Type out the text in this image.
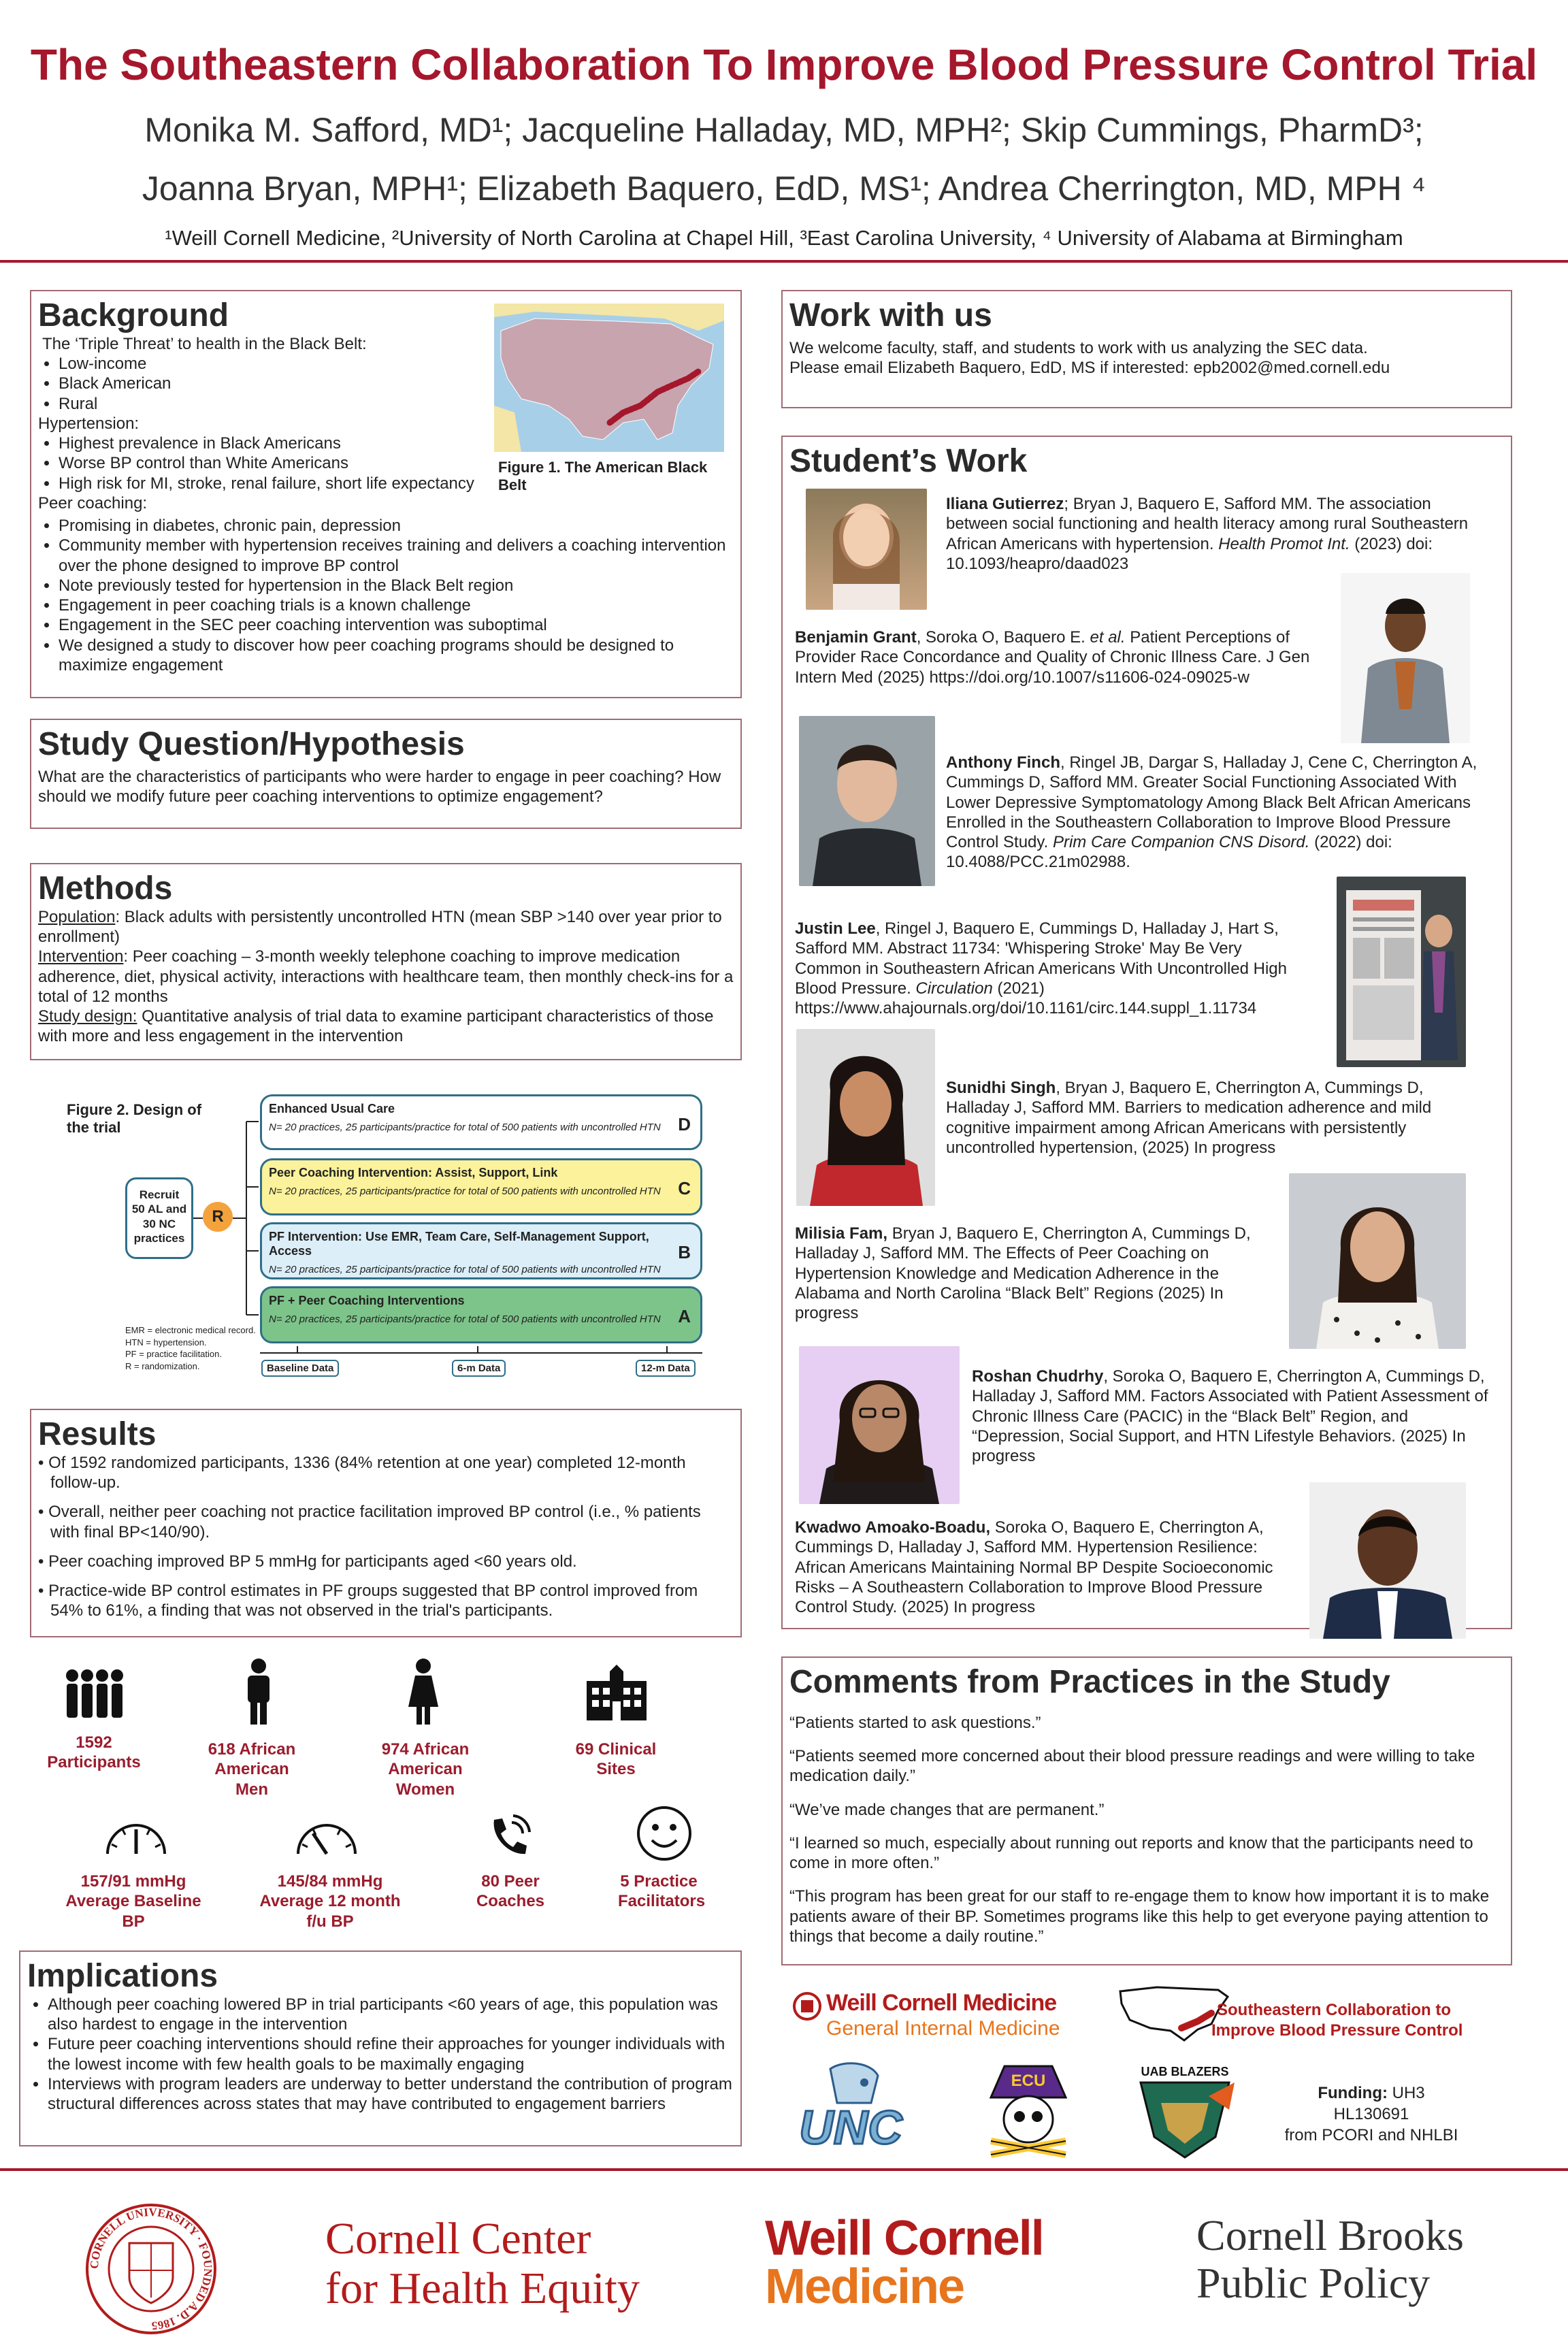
The Southeastern Collaboration To Improve Blood Pressure Control Trial
Monika M. Safford, MD¹; Jacqueline Halladay, MD, MPH²; Skip Cummings, PharmD³;
Joanna Bryan, MPH¹; Elizabeth Baquero, EdD, MS¹; Andrea Cherrington, MD, MPH ⁴
¹Weill Cornell Medicine, ²University of North Carolina at Chapel Hill, ³East Carolina University, ⁴ University of Alabama at Birmingham
Background
The ‘Triple Threat’ to health in the Black Belt:
• Low-income
• Black American
• Rural
Hypertension:
• Highest prevalence in Black Americans
• Worse BP control than White Americans
• High risk for MI, stroke, renal failure, short life expectancy
Peer coaching:
• Promising in diabetes, chronic pain, depression
• Community member with hypertension receives training and delivers a coaching intervention over the phone designed to improve BP control
• Note previously tested for hypertension in the Black Belt region
• Engagement in peer coaching trials is a known challenge
• Engagement in the SEC peer coaching intervention was suboptimal
• We designed a study to discover how peer coaching programs should be designed to maximize engagement
Figure 1. The American Black Belt
Study Question/Hypothesis
What are the characteristics of participants who were harder to engage in peer coaching? How should we modify future peer coaching interventions to optimize engagement?
Methods
Population: Black adults with persistently uncontrolled HTN (mean SBP >140 over year prior to enrollment)
Intervention: Peer coaching – 3-month weekly telephone coaching to improve medication adherence, diet, physical activity, interactions with healthcare team, then monthly check-ins for a total of 12 months
Study design: Quantitative analysis of trial data to examine participant characteristics of those with more and less engagement in the intervention
Figure 2. Design of the trial
Recruit 50 AL and 30 NC practices
R
Enhanced Usual Care
N= 20 practices, 25 participants/practice for total of 500 patients with uncontrolled HTN D
Peer Coaching Intervention: Assist, Support, Link
N= 20 practices, 25 participants/practice for total of 500 patients with uncontrolled HTN C
PF Intervention: Use EMR, Team Care, Self-Management Support, Access
N= 20 practices, 25 participants/practice for total of 500 patients with uncontrolled HTN
B
PF + Peer Coaching Interventions
N= 20 practices, 25 participants/practice for total of 500 patients with uncontrolled HTN A
EMR = electronic medical record.
HTN = hypertension.
PF = practice facilitation.
R = randomization.	Baseline Data	6-m Data	12-m Data
Results
• Of 1592 randomized participants, 1336 (84% retention at one year) completed 12-month follow-up.
• Overall, neither peer coaching not practice facilitation improved BP control (i.e., % patients with final BP<140/90).
• Peer coaching improved BP 5 mmHg for participants aged <60 years old.
• Practice-wide BP control estimates in PF groups suggested that BP control improved from 54% to 61%, a finding that was not observed in the trial's participants.
1592 Participants
618 African American Men
974 African American Women
69 Clinical Sites
157/91 mmHg Average Baseline BP
145/84 mmHg Average 12 month f/u BP
80 Peer Coaches
5 Practice Facilitators
Implications
• Although peer coaching lowered BP in trial participants <60 years of age, this population was also hardest to engage in the intervention
• Future peer coaching interventions should refine their approaches for younger individuals with the lowest income with few health goals to be maximally engaging
• Interviews with program leaders are underway to better understand the contribution of program structural differences across states that may have contributed to engagement barriers
Work with us
We welcome faculty, staff, and students to work with us analyzing the SEC data.
Please email Elizabeth Baquero, EdD, MS if interested: epb2002@med.cornell.edu
Student’s Work
Iliana Gutierrez; Bryan J, Baquero E, Safford MM. The association between social functioning and health literacy among rural Southeastern African Americans with hypertension. Health Promot Int. (2023) doi: 10.1093/heapro/daad023
Benjamin Grant, Soroka O, Baquero E. et al. Patient Perceptions of Provider Race Concordance and Quality of Chronic Illness Care. J Gen Intern Med (2025) https://doi.org/10.1007/s11606-024-09025-w
Anthony Finch, Ringel JB, Dargar S, Halladay J, Cene C, Cherrington A, Cummings D, Safford MM. Greater Social Functioning Associated With Lower Depressive Symptomatology Among Black Belt African Americans Enrolled in the Southeastern Collaboration to Improve Blood Pressure Control Study. Prim Care Companion CNS Disord. (2022) doi: 10.4088/PCC.21m02988.
Justin Lee, Ringel J, Baquero E, Cummings D, Halladay J, Hart S, Safford MM. Abstract 11734: 'Whispering Stroke' May Be Very Common in Southeastern African Americans With Uncontrolled High Blood Pressure. Circulation (2021) https://www.ahajournals.org/doi/10.1161/circ.144.suppl_1.11734
Sunidhi Singh, Bryan J, Baquero E, Cherrington A, Cummings D, Halladay J, Safford MM. Barriers to medication adherence and mild cognitive impairment among African Americans with persistently uncontrolled hypertension, (2025) In progress
Milisia Fam, Bryan J, Baquero E, Cherrington A, Cummings D, Halladay J, Safford MM. The Effects of Peer Coaching on Hypertension Knowledge and Medication Adherence in the Alabama and North Carolina “Black Belt” Regions (2025) In progress
Roshan Chudrhy, Soroka O, Baquero E, Cherrington A, Cummings D, Halladay J, Safford MM. Factors Associated with Patient Assessment of Chronic Illness Care (PACIC) in the “Black Belt” Region, and “Depression, Social Support, and HTN Lifestyle Behaviors. (2025) In progress
Kwadwo Amoako-Boadu, Soroka O, Baquero E, Cherrington A, Cummings D, Halladay J, Safford MM. Hypertension Resilience: African Americans Maintaining Normal BP Despite Socioeconomic Risks – A Southeastern Collaboration to Improve Blood Pressure Control Study. (2025) In progress
Comments from Practices in the Study

“Patients started to ask questions.”

“Patients seemed more concerned about their blood pressure readings and were willing to take medication daily.”

“We’ve made changes that are permanent.”

“I learned so much, especially about running out reports and know that the participants need to come in more often.”

“This program has been great for our staff to re-engage them to know how important it is to make patients aware of their BP. Sometimes programs like this help to get everyone paying attention to things that become a daily routine.”

Weill Cornell Medicine
General Internal Medicine
Southeastern Collaboration to
Improve Blood Pressure Control
UNC
ECU	UAB BLAZERS
Funding: UH3 HL130691
from PCORI and NHLBI
CORNELL UNIVERSITY · FOUNDED A.D. 1865
Cornell Center
for Health Equity
Weill Cornell
Medicine
Cornell Brooks
Public Policy
